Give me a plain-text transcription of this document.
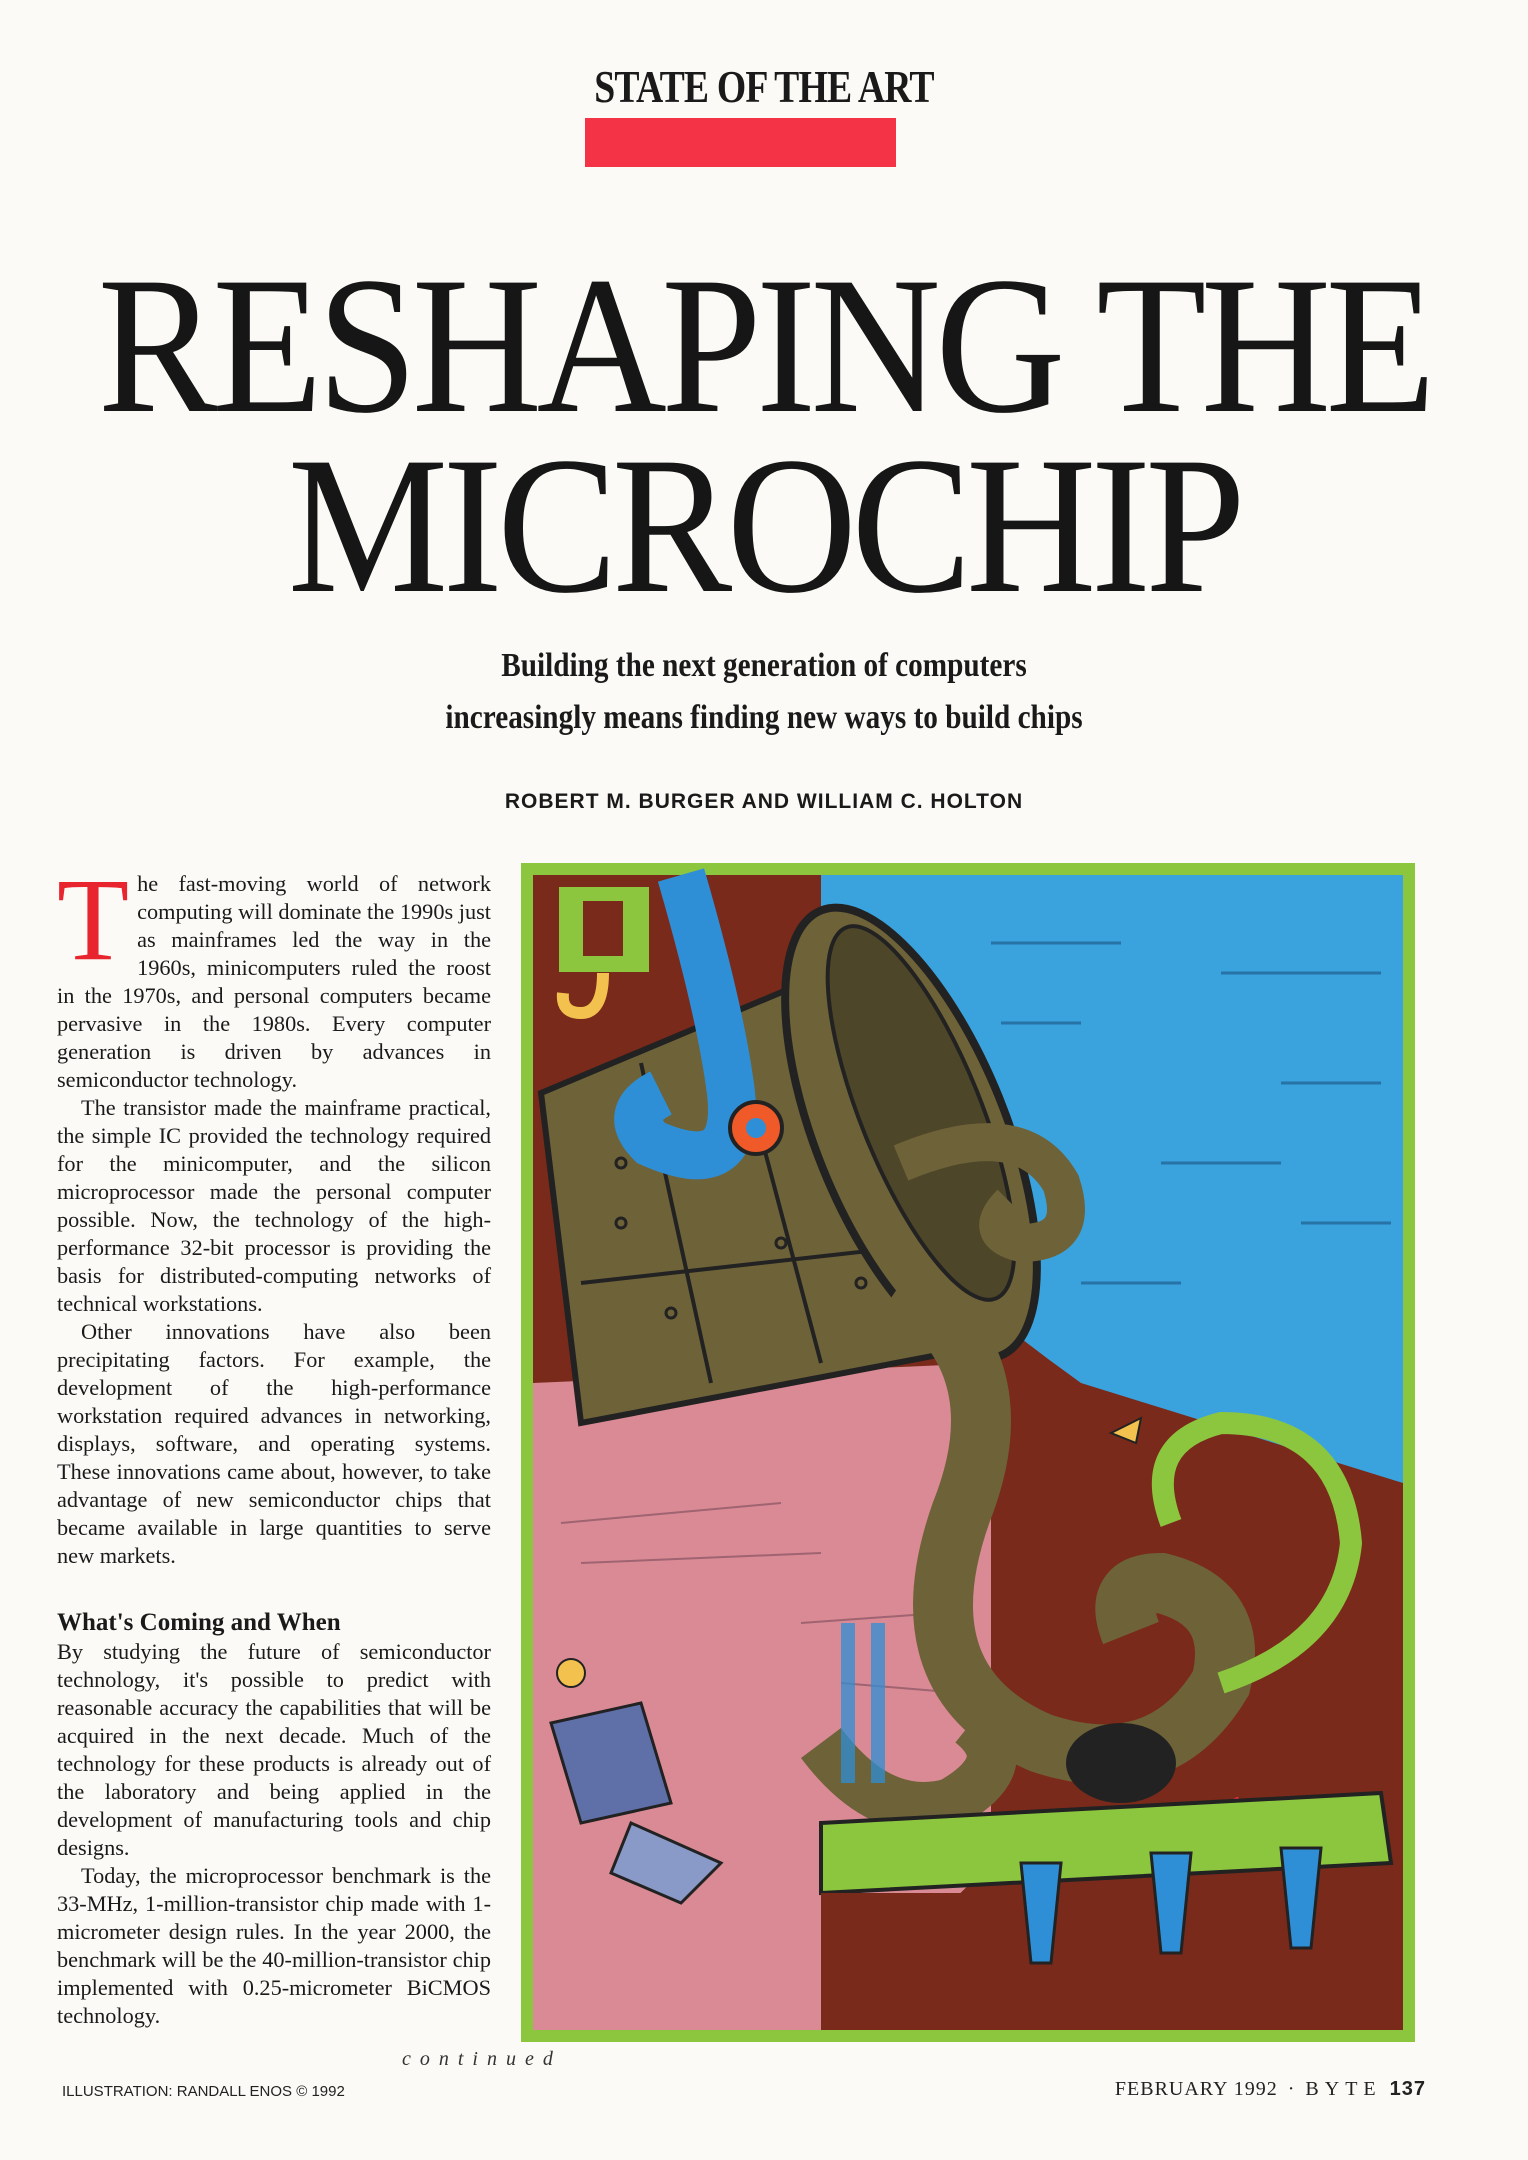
STATE OF THE ART
RESHAPING THE
MICROCHIP
Building the next generation of computers
increasingly means finding new ways to build chips
ROBERT M. BURGER AND WILLIAM C. HOLTON

The fast-moving world of network computing will dominate the 1990s just as mainframes led the way in the 1960s, minicomputers ruled the roost in the 1970s, and personal computers became pervasive in the 1980s. Every computer generation is driven by advances in semiconductor technology.

The transistor made the mainframe practical, the simple IC provided the technology required for the minicomputer, and the silicon microprocessor made the personal computer possible. Now, the technology of the high-performance 32-bit processor is providing the basis for distributed-computing networks of technical workstations.

Other innovations have also been precipitating factors. For example, the development of the high-performance workstation required advances in networking, displays, software, and operating systems. These innovations came about, however, to take advantage of new semiconductor chips that became available in large quantities to serve new markets.

What's Coming and When

By studying the future of semiconductor technology, it's possible to predict with reasonable accuracy the capabilities that will be acquired in the next decade. Much of the technology for these products is already out of the laboratory and being applied in the development of manufacturing tools and chip designs.

Today, the microprocessor benchmark is the 33-MHz, 1-million-transistor chip made with 1-micrometer design rules. In the year 2000, the benchmark will be the 40-million-transistor chip implemented with 0.25-micrometer BiCMOS technology.

continued
ILLUSTRATION: RANDALL ENOS © 1992	FEBRUARY 1992 · BYTE 137
